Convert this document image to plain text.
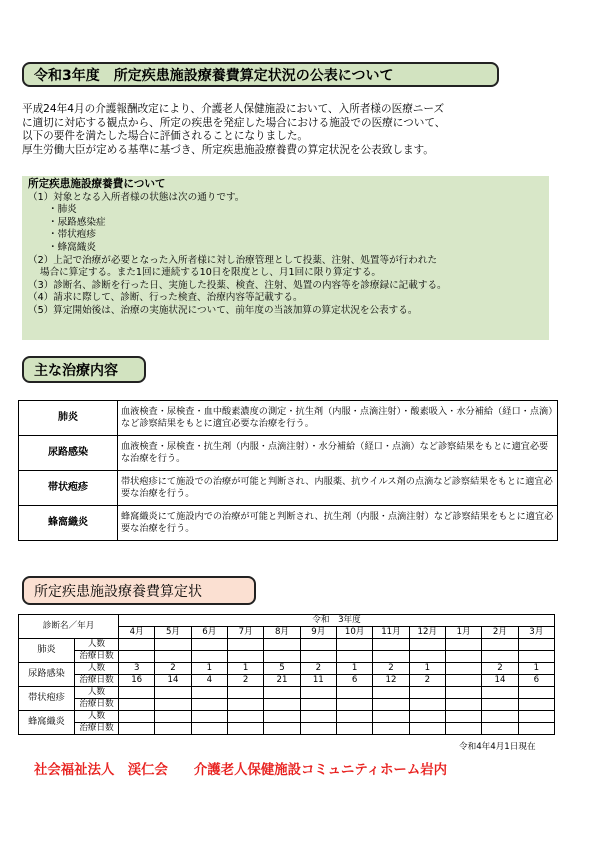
令和3年度　所定疾患施設療養費算定状況の公表について

平成24年4月の介護報酬改定により、介護老人保健施設において、入所者様の医療ニーズ

に適切に対応する観点から、所定の疾患を発症した場合における施設での医療について、

以下の要件を満たした場合に評価されることになりました。

厚生労働大臣が定める基準に基づき、所定疾患施設療養費の算定状況を公表致します。

所定疾患施設療養費について
（1）対象となる入所者様の状態は次の通りです。
・肺炎
・尿路感染症
・帯状疱疹
・蜂窩織炎
（2）上記で治療が必要となった入所者様に対し治療管理として投薬、注射、処置等が行われた
場合に算定する。また1回に連続する10日を限度とし、月1回に限り算定する。
（3）診断名、診断を行った日、実施した投薬、検査、注射、処置の内容等を診療録に記載する。
（4）請求に際して、診断、行った検査、治療内容等記載する。
（5）算定開始後は、治療の実施状況について、前年度の当該加算の算定状況を公表する。
主な治療内容
肺炎	血液検査・尿検査・血中酸素濃度の測定・抗生剤（内服・点滴注射）・酸素吸入・水分補給（経口・点滴）など診察結果をもとに適宜必要な治療を行う。
尿路感染	血液検査・尿検査・抗生剤（内服・点滴注射）・水分補給（経口・点滴）など診察結果をもとに適宜必要な治療を行う。
帯状疱疹	帯状疱疹にて施設での治療が可能と判断され、内服薬、抗ウイルス剤の点滴など診察結果をもとに適宜必要な治療を行う。
蜂窩織炎	蜂窩織炎にて施設内での治療が可能と判断され、抗生剤（内服・点滴注射）など診察結果をもとに適宜必要な治療を行う。
所定疾患施設療養費算定状
診断名／年月		令和　3年度											
		4月	5月	6月	7月	8月	9月	10月	11月	12月	1月	2月	3月
肺炎	人数												
	治療日数												
尿路感染	人数	3	2	1	1	5	2	1	2	1		2	1
	治療日数	16	14	4	2	21	11	6	12	2		14	6
帯状疱疹	人数												
	治療日数												
蜂窩織炎	人数												
	治療日数												
令和4年4月1日現在
社会福祉法人　渓仁会 介護老人保健施設コミュニティホーム岩内
